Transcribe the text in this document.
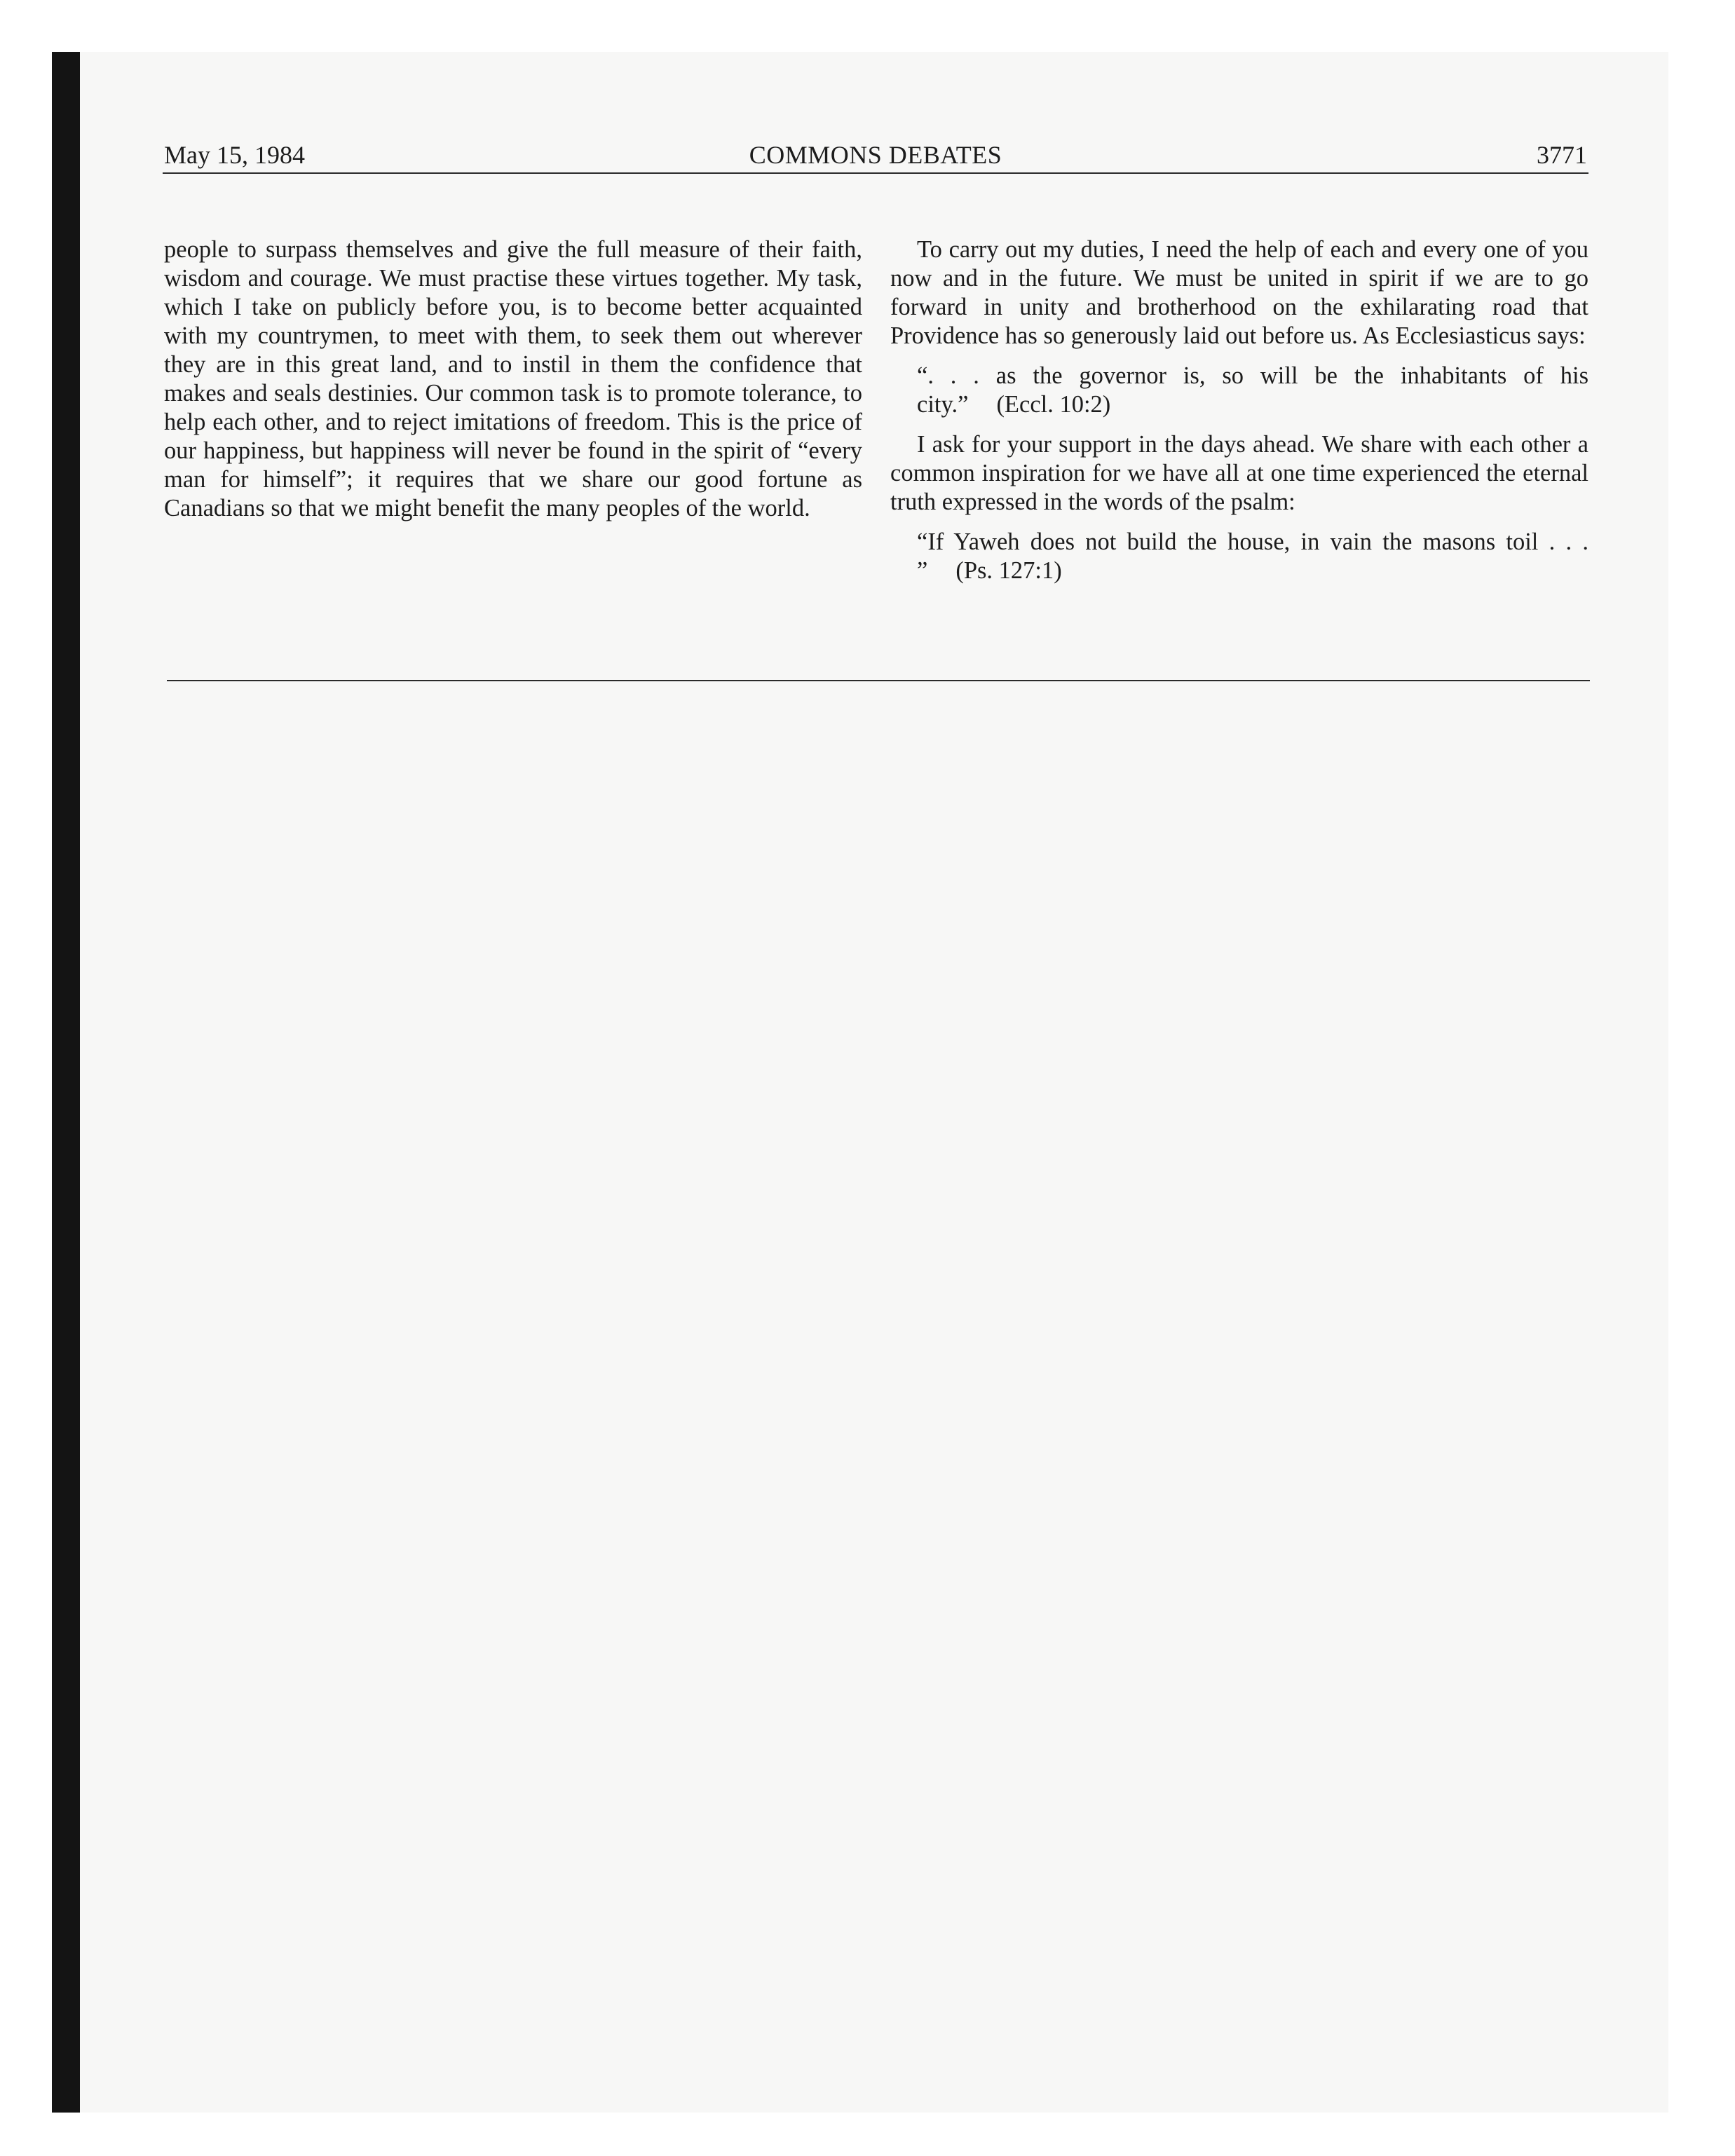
May 15, 1984	COMMONS DEBATES	3771

people to surpass themselves and give the full measure of their faith, wisdom and courage. We must practise these virtues together. My task, which I take on publicly before you, is to become better acquainted with my countrymen, to meet with them, to seek them out wherever they are in this great land, and to instil in them the confidence that makes and seals destinies. Our common task is to promote tolerance, to help each other, and to reject imitations of freedom. This is the price of our happiness, but happiness will never be found in the spirit of “every man for himself”; it requires that we share our good fortune as Canadians so that we might benefit the many peoples of the world.

To carry out my duties, I need the help of each and every one of you now and in the future. We must be united in spirit if we are to go forward in unity and brotherhood on the exhilarating road that Providence has so generously laid out before us. As Ecclesiasticus says:

“. . . as the governor is, so will be the inhabitants of his city.” (Eccl. 10:2)

I ask for your support in the days ahead. We share with each other a common inspiration for we have all at one time experienced the eternal truth expressed in the words of the psalm:

“If Yaweh does not build the house, in vain the masons toil . . . ” (Ps. 127:1)
